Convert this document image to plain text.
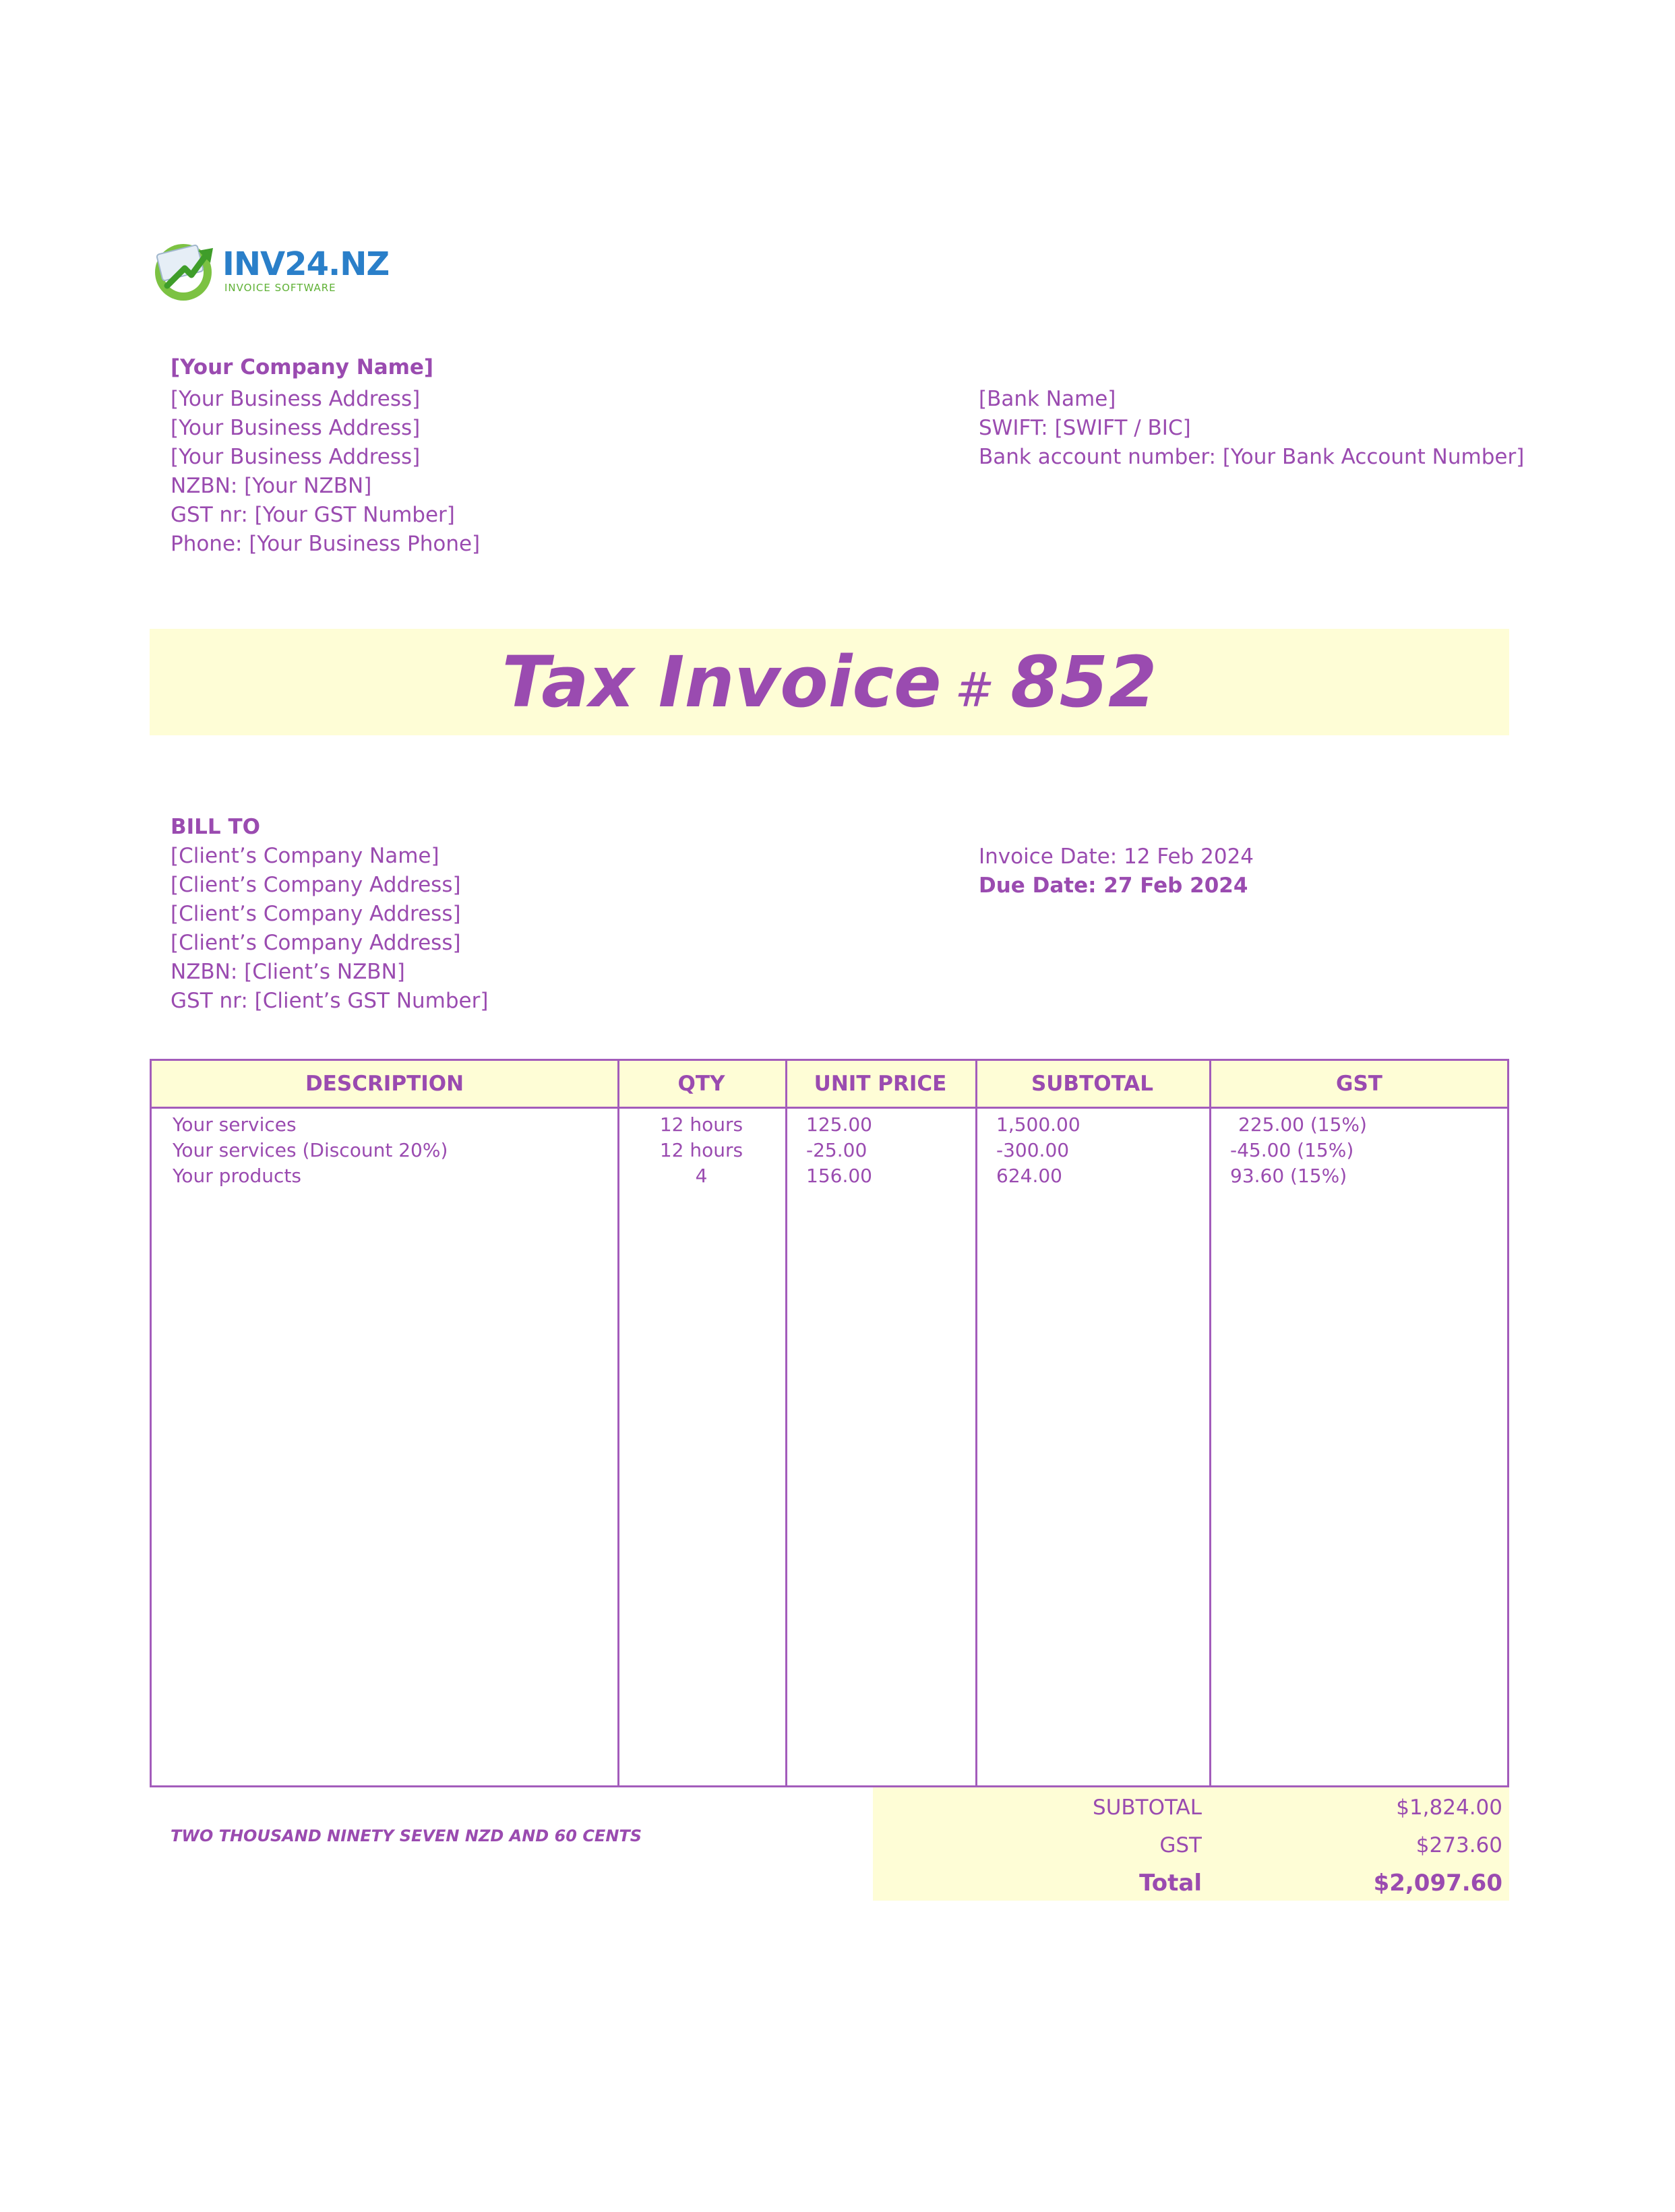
INV24.NZ
INVOICE SOFTWARE
[Your Company Name]
[Your Business Address]
[Your Business Address]
[Your Business Address]
NZBN: [Your NZBN]
GST nr: [Your GST Number]
Phone: [Your Business Phone]
[Bank Name]
SWIFT: [SWIFT / BIC]
Bank account number: [Your Bank Account Number]
Tax Invoice # 852
BILL TO
[Client’s Company Name]
[Client’s Company Address]
[Client’s Company Address]
[Client’s Company Address]
NZBN: [Client’s NZBN]
GST nr: [Client’s GST Number]
Invoice Date: 12 Feb 2024
Due Date: 27 Feb 2024
DESCRIPTION	QTY	UNIT PRICE	SUBTOTAL	GST
Your services	12 hours	125.00	1,500.00	225.00 (15%)
Your services (Discount 20%)	12 hours	-25.00	-300.00	-45.00 (15%)
Your products	4	156.00	624.00	93.60 (15%)
TWO THOUSAND NINETY SEVEN NZD AND 60 CENTS
SUBTOTAL	$1,824.00
GST	$273.60
Total	$2,097.60
